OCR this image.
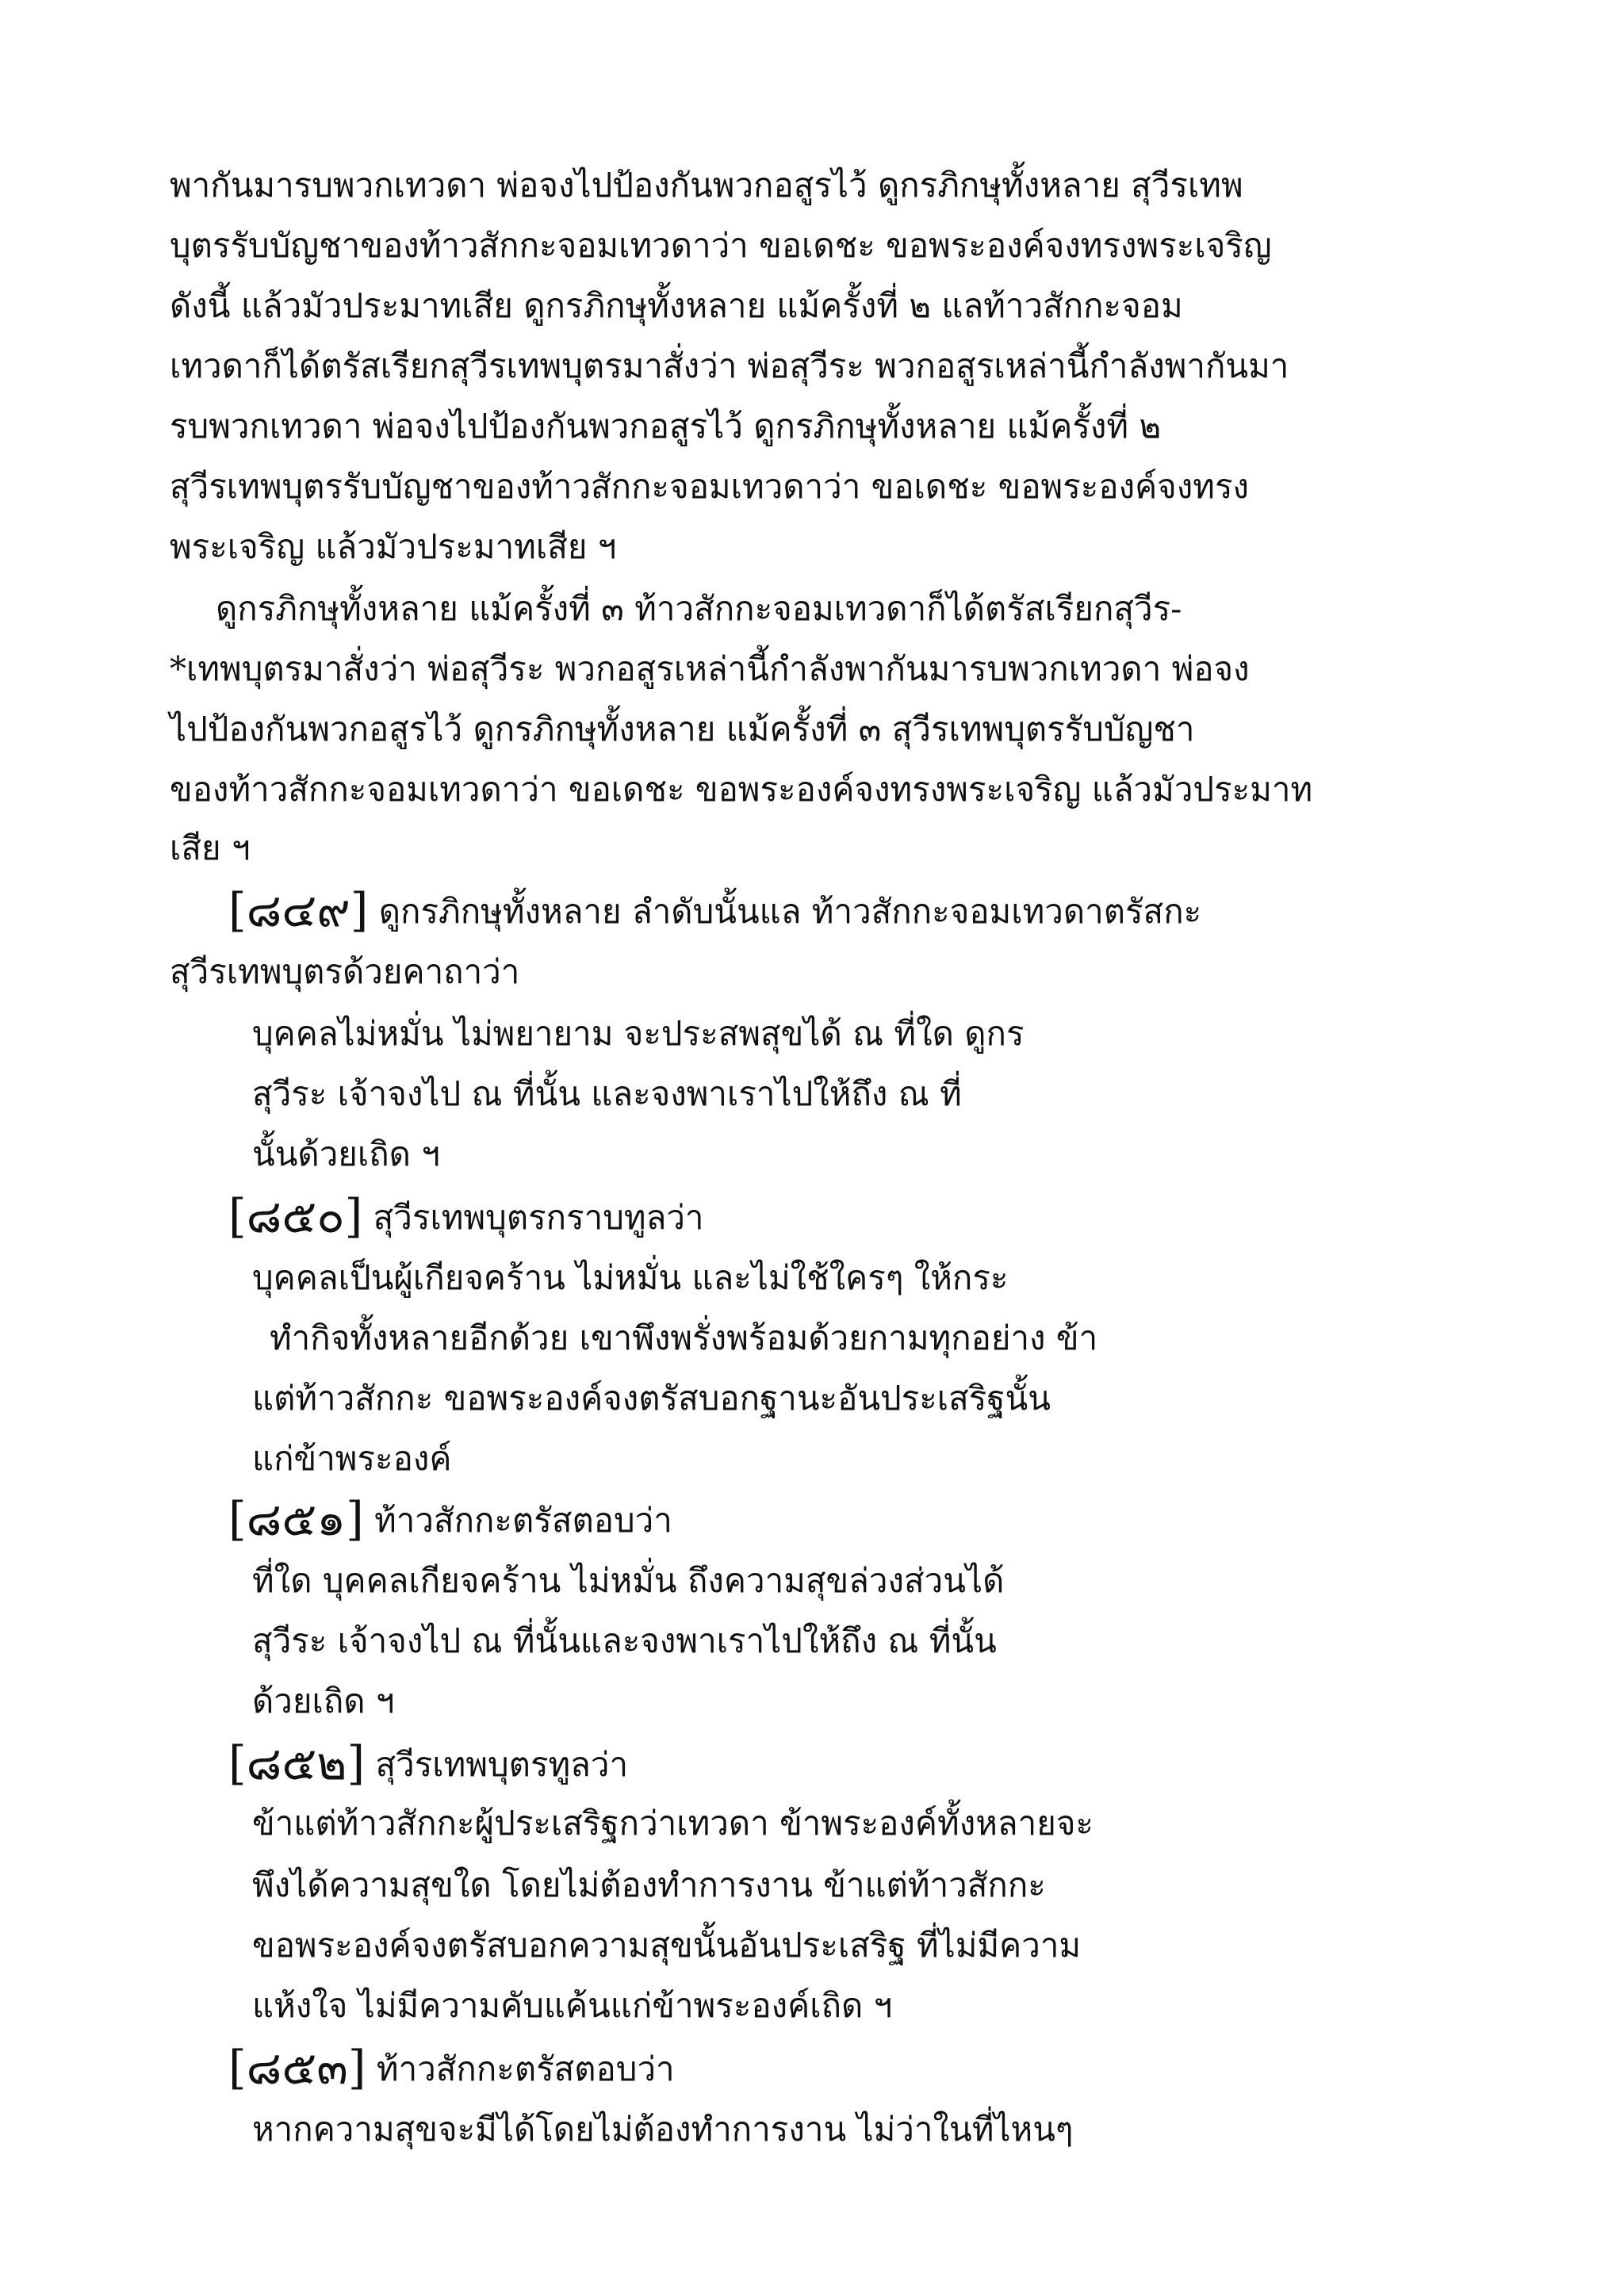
พากันมารบพวกเทวดา พ่อจงไปป้องกันพวกอสูรไว้ ดูกรภิกษุทั้งหลาย สุวีรเทพ
บุตรรับบัญชาของท้าวสักกะจอมเทวดาว่า ขอเดชะ ขอพระองค์จงทรงพระเจริญ
ดังนี้ แล้วมัวประมาทเสีย ดูกรภิกษุทั้งหลาย แม้ครั้งที่ ๒ แลท้าวสักกะจอม
เทวดาก็ได้ตรัสเรียกสุวีรเทพบุตรมาสั่งว่า พ่อสุวีระ พวกอสูรเหล่านี้กำลังพากันมา
รบพวกเทวดา พ่อจงไปป้องกันพวกอสูรไว้ ดูกรภิกษุทั้งหลาย แม้ครั้งที่ ๒
สุวีรเทพบุตรรับบัญชาของท้าวสักกะจอมเทวดาว่า ขอเดชะ ขอพระองค์จงทรง
พระเจริญ แล้วมัวประมาทเสีย ฯ
ดูกรภิกษุทั้งหลาย แม้ครั้งที่ ๓ ท้าวสักกะจอมเทวดาก็ได้ตรัสเรียกสุวีร-
*เทพบุตรมาสั่งว่า พ่อสุวีระ พวกอสูรเหล่านี้กำลังพากันมารบพวกเทวดา พ่อจง
ไปป้องกันพวกอสูรไว้ ดูกรภิกษุทั้งหลาย แม้ครั้งที่ ๓ สุวีรเทพบุตรรับบัญชา
ของท้าวสักกะจอมเทวดาว่า ขอเดชะ ขอพระองค์จงทรงพระเจริญ แล้วมัวประมาท
เสีย ฯ
[๘๔๙] ดูกรภิกษุทั้งหลาย ลำดับนั้นแล ท้าวสักกะจอมเทวดาตรัสกะ
สุวีรเทพบุตรด้วยคาถาว่า
บุคคลไม่หมั่น ไม่พยายาม จะประสพสุขได้ ณ ที่ใด ดูกร
สุวีระ เจ้าจงไป ณ ที่นั้น และจงพาเราไปให้ถึง ณ ที่
นั้นด้วยเถิด ฯ
[๘๕๐] สุวีรเทพบุตรกราบทูลว่า
บุคคลเป็นผู้เกียจคร้าน ไม่หมั่น และไม่ใช้ใครๆ ให้กระ
ทำกิจทั้งหลายอีกด้วย เขาพึงพรั่งพร้อมด้วยกามทุกอย่าง ข้า
แต่ท้าวสักกะ ขอพระองค์จงตรัสบอกฐานะอันประเสริฐนั้น
แก่ข้าพระองค์
[๘๕๑] ท้าวสักกะตรัสตอบว่า
ที่ใด บุคคลเกียจคร้าน ไม่หมั่น ถึงความสุขล่วงส่วนได้
สุวีระ เจ้าจงไป ณ ที่นั้นและจงพาเราไปให้ถึง ณ ที่นั้น
ด้วยเถิด ฯ
[๘๕๒] สุวีรเทพบุตรทูลว่า
ข้าแต่ท้าวสักกะผู้ประเสริฐกว่าเทวดา ข้าพระองค์ทั้งหลายจะ
พึงได้ความสุขใด โดยไม่ต้องทำการงาน ข้าแต่ท้าวสักกะ
ขอพระองค์จงตรัสบอกความสุขนั้นอันประเสริฐ ที่ไม่มีความ
แห้งใจ ไม่มีความคับแค้นแก่ข้าพระองค์เถิด ฯ
[๘๕๓] ท้าวสักกะตรัสตอบว่า
หากความสุขจะมีได้โดยไม่ต้องทำการงาน ไม่ว่าในที่ไหนๆ
